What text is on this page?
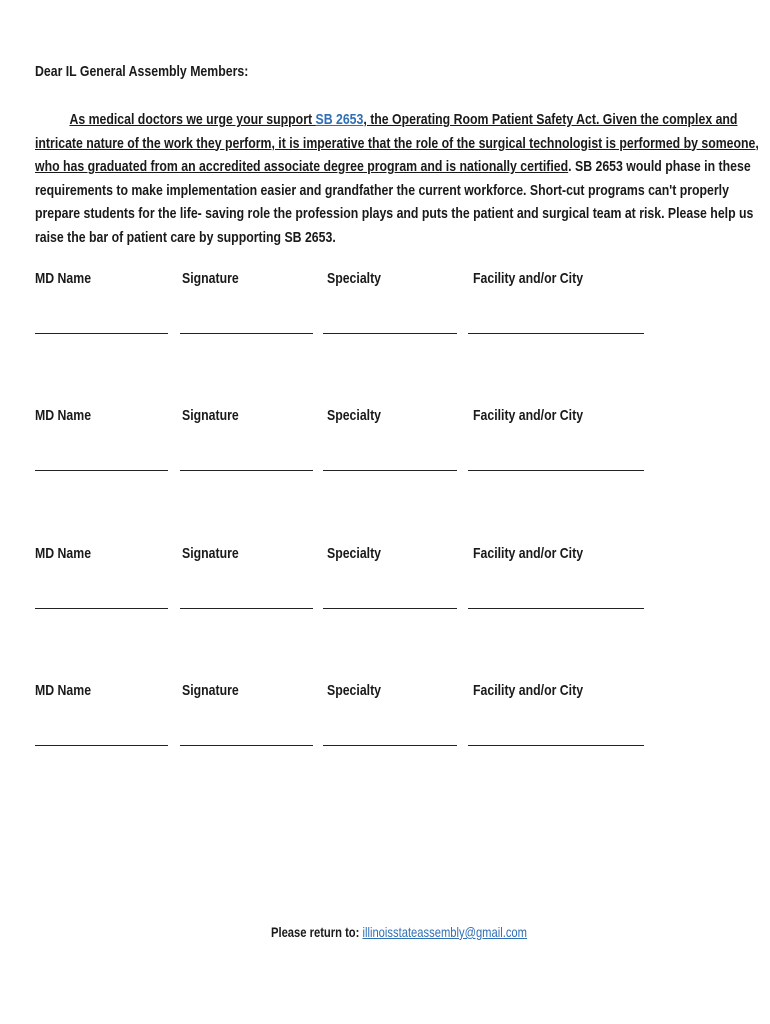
Dear IL General Assembly Members:
As medical doctors we urge your support SB 2653, the Operating Room Patient Safety Act. Given the complex and
intricate nature of the work they perform, it is imperative that the role of the surgical technologist is performed by someone,
who has graduated from an accredited associate degree program and is nationally certified. SB 2653 would phase in these
requirements to make implementation easier and grandfather the current workforce. Short-cut programs can't properly
prepare students for the life- saving role the profession plays and puts the patient and surgical team at risk. Please help us
raise the bar of patient care by supporting SB 2653.
MD Name	Signature	Specialty	Facility and/or City
MD Name	Signature	Specialty	Facility and/or City
MD Name	Signature	Specialty	Facility and/or City
MD Name	Signature	Specialty	Facility and/or City
Please return to: illinoisstateassembly@gmail.com
